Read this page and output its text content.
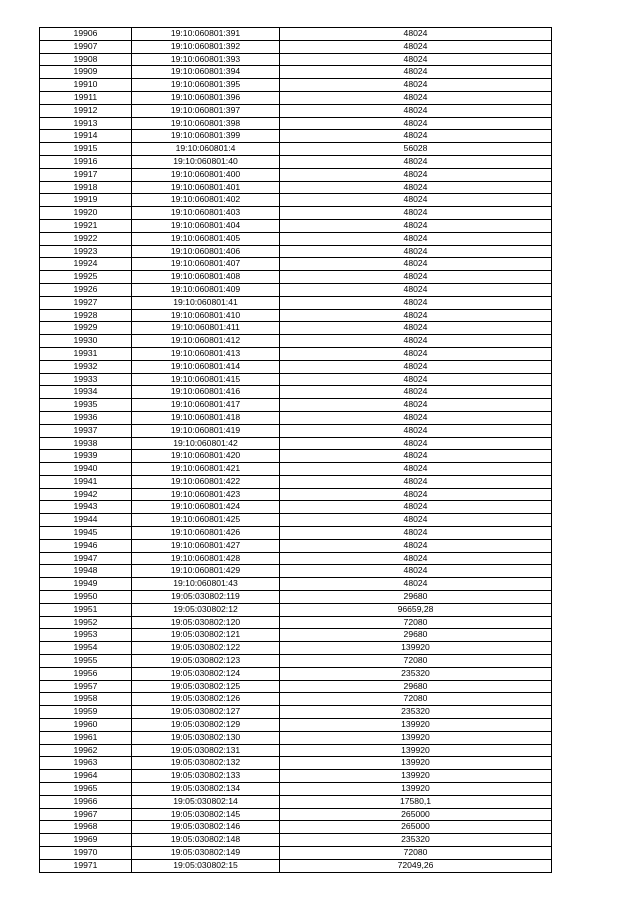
19906	19:10:060801:391	48024
19907	19:10:060801:392	48024
19908	19:10:060801:393	48024
19909	19:10:060801:394	48024
19910	19:10:060801:395	48024
19911	19:10:060801:396	48024
19912	19:10:060801:397	48024
19913	19:10:060801:398	48024
19914	19:10:060801:399	48024
19915	19:10:060801:4	56028
19916	19:10:060801:40	48024
19917	19:10:060801:400	48024
19918	19:10:060801:401	48024
19919	19:10:060801:402	48024
19920	19:10:060801:403	48024
19921	19:10:060801:404	48024
19922	19:10:060801:405	48024
19923	19:10:060801:406	48024
19924	19:10:060801:407	48024
19925	19:10:060801:408	48024
19926	19:10:060801:409	48024
19927	19:10:060801:41	48024
19928	19:10:060801:410	48024
19929	19:10:060801:411	48024
19930	19:10:060801:412	48024
19931	19:10:060801:413	48024
19932	19:10:060801:414	48024
19933	19:10:060801:415	48024
19934	19:10:060801:416	48024
19935	19:10:060801:417	48024
19936	19:10:060801:418	48024
19937	19:10:060801:419	48024
19938	19:10:060801:42	48024
19939	19:10:060801:420	48024
19940	19:10:060801:421	48024
19941	19:10:060801:422	48024
19942	19:10:060801:423	48024
19943	19:10:060801:424	48024
19944	19:10:060801:425	48024
19945	19:10:060801:426	48024
19946	19:10:060801:427	48024
19947	19:10:060801:428	48024
19948	19:10:060801:429	48024
19949	19:10:060801:43	48024
19950	19:05:030802:119	29680
19951	19:05:030802:12	96659,28
19952	19:05:030802:120	72080
19953	19:05:030802:121	29680
19954	19:05:030802:122	139920
19955	19:05:030802:123	72080
19956	19:05:030802:124	235320
19957	19:05:030802:125	29680
19958	19:05:030802:126	72080
19959	19:05:030802:127	235320
19960	19:05:030802:129	139920
19961	19:05:030802:130	139920
19962	19:05:030802:131	139920
19963	19:05:030802:132	139920
19964	19:05:030802:133	139920
19965	19:05:030802:134	139920
19966	19:05:030802:14	17580,1
19967	19:05:030802:145	265000
19968	19:05:030802:146	265000
19969	19:05:030802:148	235320
19970	19:05:030802:149	72080
19971	19:05:030802:15	72049,26
